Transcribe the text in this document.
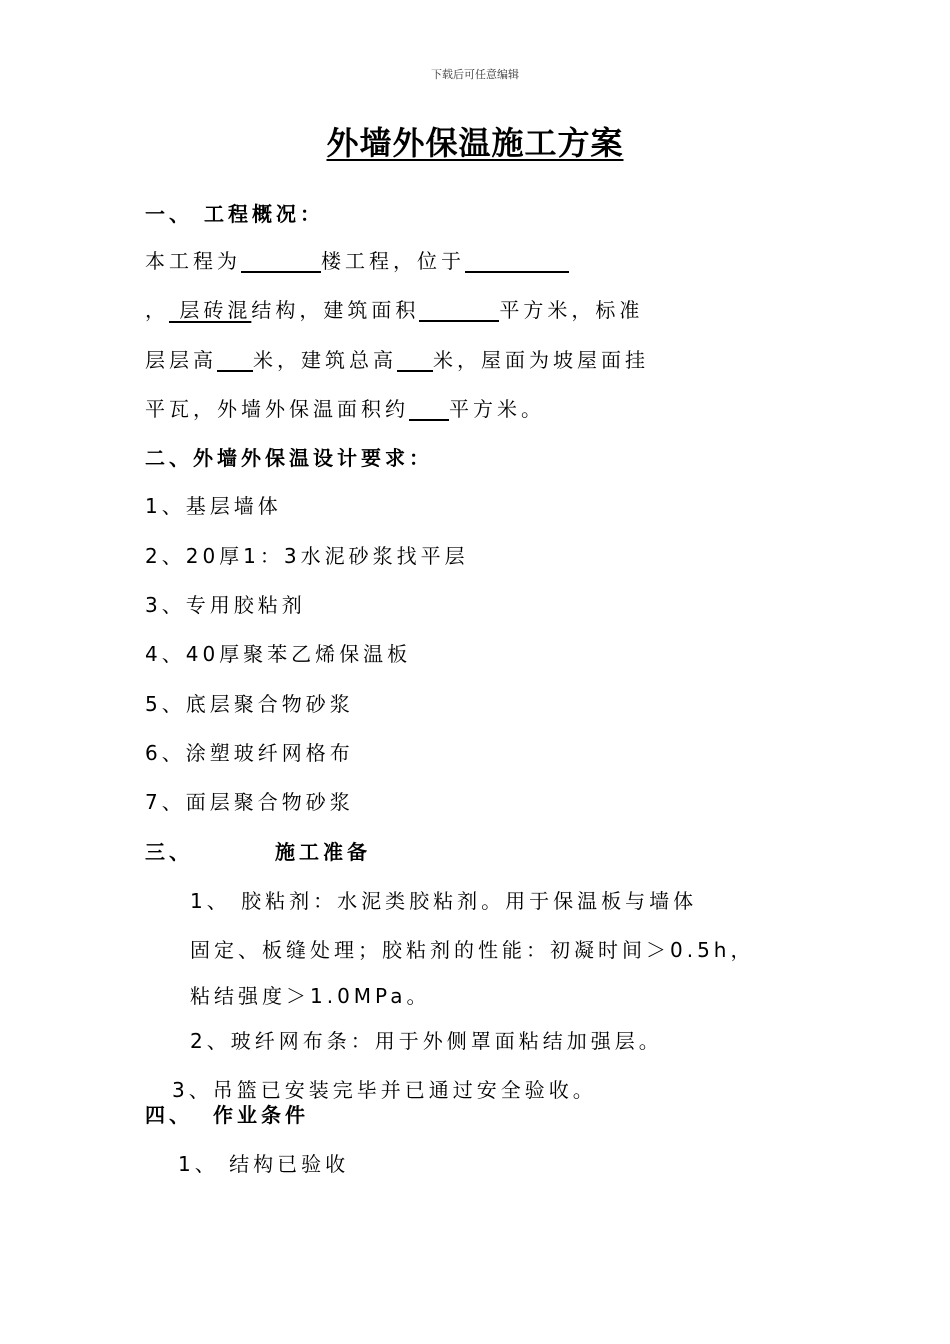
下载后可任意编辑
外墙外保温施工方案
一、 工程概况：
本工程为	楼工程，位于
， 层砖混结构，建筑面积	平方米，标准
层层高 米，建筑总高 米，屋面为坡屋面挂
平瓦，外墙外保温面积约 平方米。
二、外墙外保温设计要求：
1、基层墙体
2、20厚1：3水泥砂浆找平层
3、专用胶粘剂
4、40厚聚苯乙烯保温板
5、底层聚合物砂浆
6、涂塑玻纤网格布
7、面层聚合物砂浆
三、	施工准备
1、 胶粘剂：水泥类胶粘剂。用于保温板与墙体
固定、板缝处理；胶粘剂的性能：初凝时间＞0.5h，
粘结强度＞1.0MPa。
2、玻纤网布条：用于外侧罩面粘结加强层。
3、吊篮已安装完毕并已通过安全验收。
四、 作业条件
1、 结构已验收
